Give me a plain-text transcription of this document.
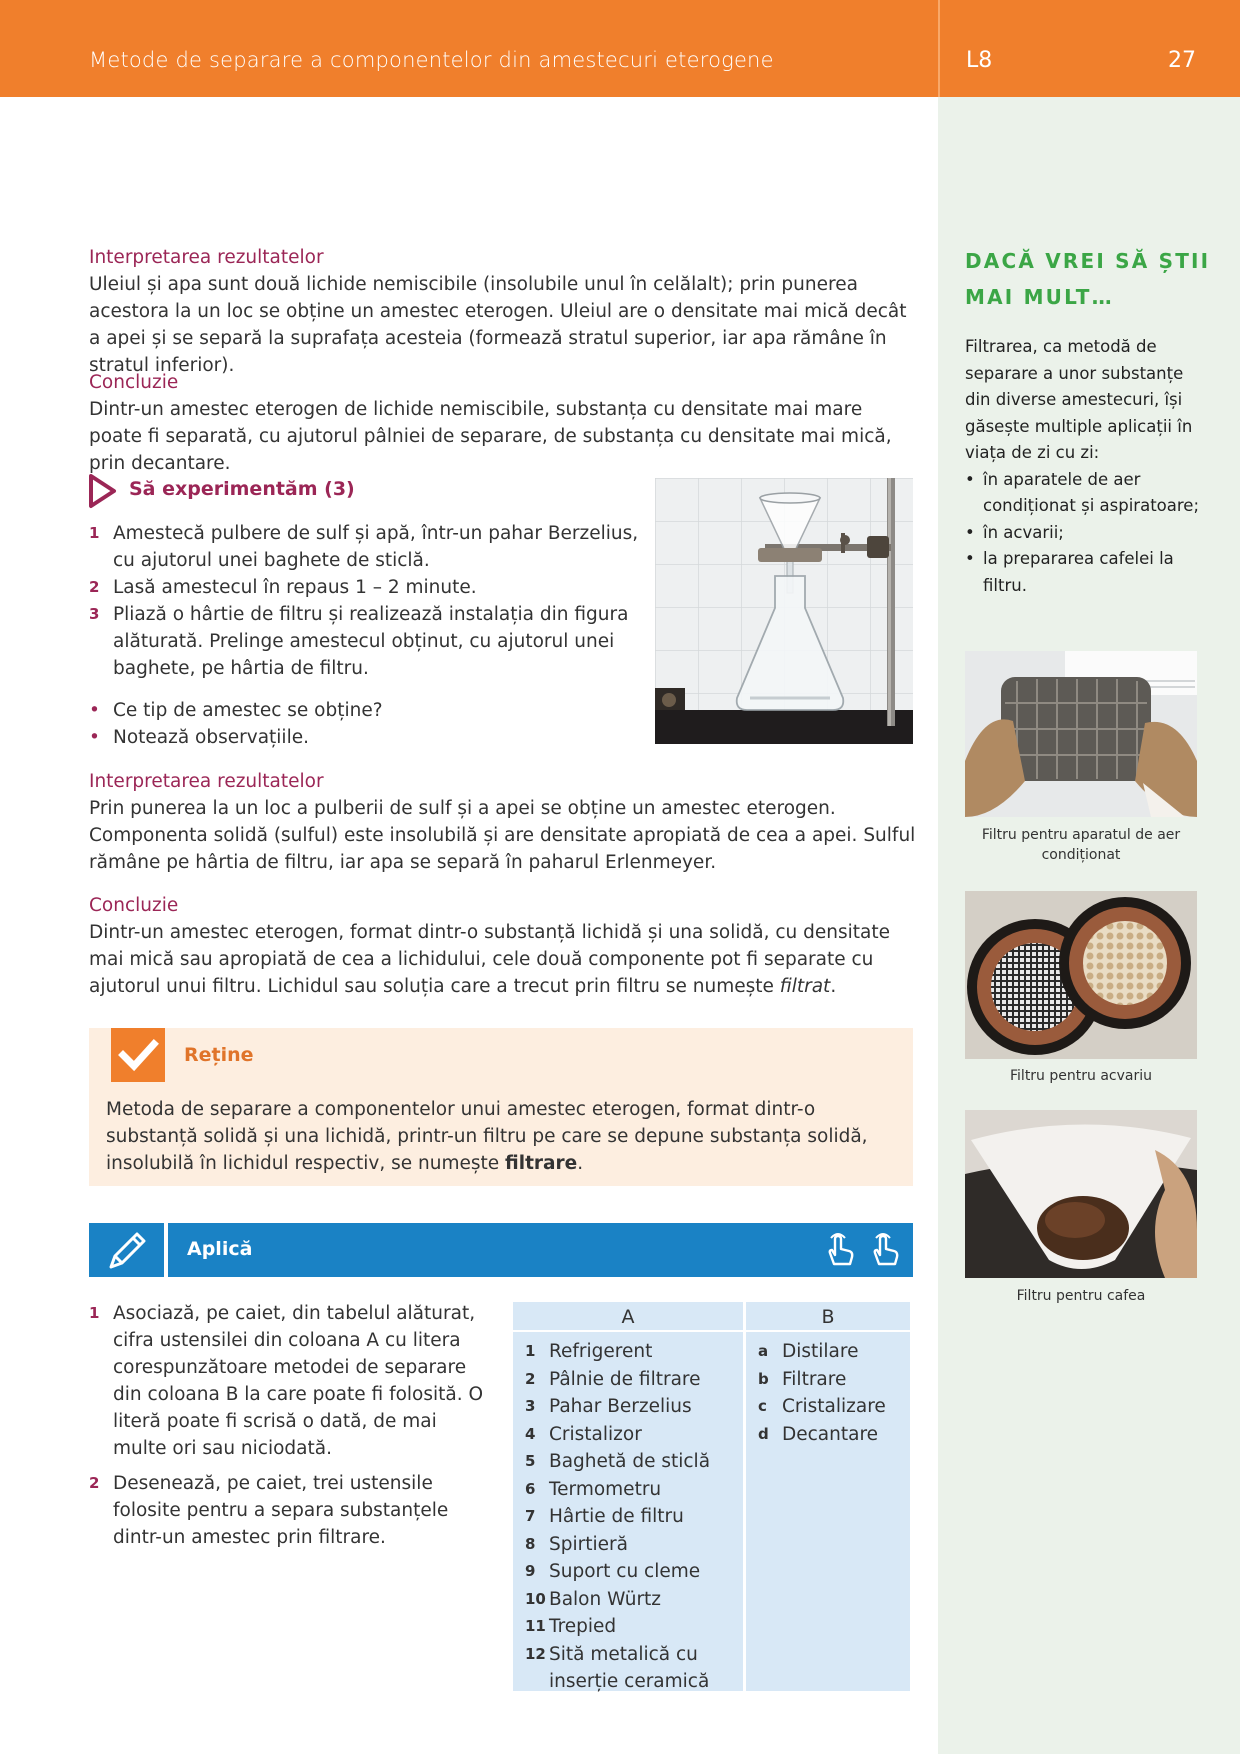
Metode de separare a componentelor din amestecuri eterogene	L8	27
Interpretarea rezultatelor
Uleiul și apa sunt două lichide nemiscibile (insolubile unul în celălalt); prin punerea acestora la un loc se obține un amestec eterogen. Uleiul are o densitate mai mică decât a apei și se separă la suprafața acesteia (formează stratul superior, iar apa rămâne în stratul inferior).
Concluzie
Dintr-un amestec eterogen de lichide nemiscibile, substanța cu densitate mai mare poate fi separată, cu ajutorul pâlniei de separare, de substanța cu densitate mai mică, prin decantare.
Să experimentăm (3)
1 Amestecă pulbere de sulf și apă, într-un pahar Berzelius, cu ajutorul unei baghete de sticlă.
2 Lasă amestecul în repaus 1 – 2 minute.
3 Pliază o hârtie de filtru și realizează instalația din figura alăturată. Prelinge amestecul obținut, cu ajutorul unei baghete, pe hârtia de filtru.
• Ce tip de amestec se obține?
• Notează observațiile.
Interpretarea rezultatelor
Prin punerea la un loc a pulberii de sulf și a apei se obține un amestec eterogen. Componenta solidă (sulful) este insolubilă și are densitate apropiată de cea a apei. Sulful rămâne pe hârtia de filtru, iar apa se separă în paharul Erlenmeyer.
Concluzie
Dintr-un amestec eterogen, format dintr-o substanță lichidă și una solidă, cu densitate mai mică sau apropiată de cea a lichidului, cele două componente pot fi separate cu ajutorul unui filtru. Lichidul sau soluția care a trecut prin filtru se numește filtrat.
Reține
Metoda de separare a componentelor unui amestec eterogen, format dintr-o substanță solidă și una lichidă, printr-un filtru pe care se depune substanța solidă, insolubilă în lichidul respectiv, se numește filtrare.
Aplică

1 Asociază, pe caiet, din tabelul alăturat, cifra ustensilei din coloana A cu litera corespunzătoare metodei de separare din coloana B la care poate fi folosită. O literă poate fi scrisă o dată, de mai multe ori sau niciodată.
2 Desenează, pe caiet, trei ustensile folosite pentru a separa substanțele dintr-un amestec prin filtrare.
A
1 Refrigerent
2 Pâlnie de filtrare
3 Pahar Berzelius
4 Cristalizor
5 Baghetă de sticlă
6 Termometru
7 Hârtie de filtru
8 Spirtieră
9 Suport cu cleme
10 Balon Würtz
11 Trepied
12 Sită metalică cu inserție ceramică
B
a Distilare
b Filtrare
c Cristalizare
d Decantare
DACĂ VREI SĂ ȘTII
MAI MULT…
Filtrarea, ca metodă de separare a unor substanțe din diverse amestecuri, își găsește multiple aplicații în viața de zi cu zi:
• în aparatele de aer condiționat și aspiratoare;
• în acvarii;
• la prepararea cafelei la filtru.
Filtru pentru aparatul de aer condiționat
Filtru pentru acvariu
Filtru pentru cafea
